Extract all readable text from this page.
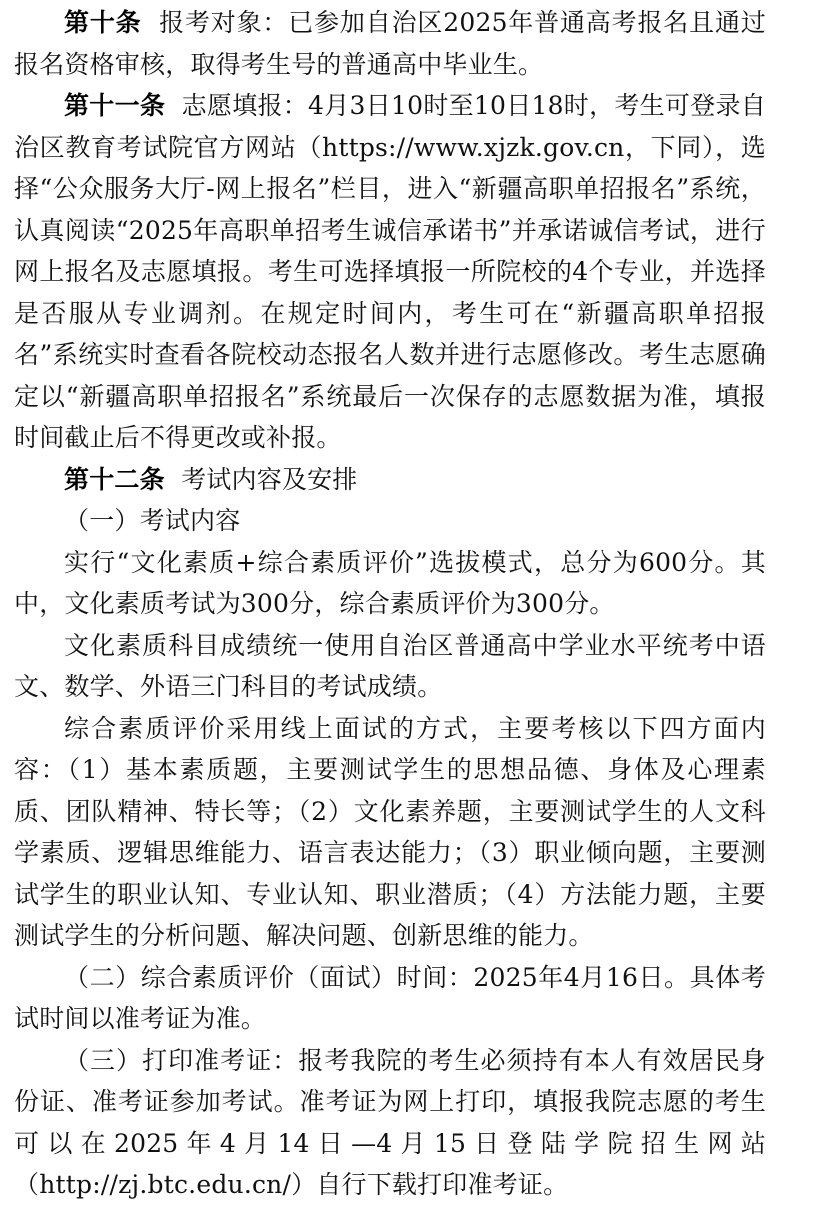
第十条 报考对象：已参加自治区2025年普通高考报名且通过报名资格审核，取得考生号的普通高中毕业生。

第十一条 志愿填报：4月3日10时至10日18时，考生可登录自治区教育考试院官方网站（https://www.xjzk.gov.cn，下同），选择“公众服务大厅-网上报名”栏目，进入“新疆高职单招报名”系统，认真阅读“2025年高职单招考生诚信承诺书”并承诺诚信考试，进行网上报名及志愿填报。考生可选择填报一所院校的4个专业，并选择是否服从专业调剂。在规定时间内，考生可在“新疆高职单招报名”系统实时查看各院校动态报名人数并进行志愿修改。考生志愿确定以“新疆高职单招报名”系统最后一次保存的志愿数据为准，填报时间截止后不得更改或补报。

第十二条 考试内容及安排

（一）考试内容

实行“文化素质+综合素质评价”选拔模式，总分为600分。其中，文化素质考试为300分，综合素质评价为300分。

文化素质科目成绩统一使用自治区普通高中学业水平统考中语文、数学、外语三门科目的考试成绩。

综合素质评价采用线上面试的方式，主要考核以下四方面内容：（1）基本素质题，主要测试学生的思想品德、身体及心理素质、团队精神、特长等；（2）文化素养题，主要测试学生的人文科学素质、逻辑思维能力、语言表达能力；（3）职业倾向题，主要测试学生的职业认知、专业认知、职业潜质；（4）方法能力题，主要测试学生的分析问题、解决问题、创新思维的能力。

（二）综合素质评价（面试）时间：2025年4月16日。具体考试时间以准考证为准。

（三）打印准考证：报考我院的考生必须持有本人有效居民身份证、准考证参加考试。准考证为网上打印，填报我院志愿的考生可以在2025年4月14日—4月15日登陆学院招生网站（http://zj.btc.edu.cn/）自行下载打印准考证。
